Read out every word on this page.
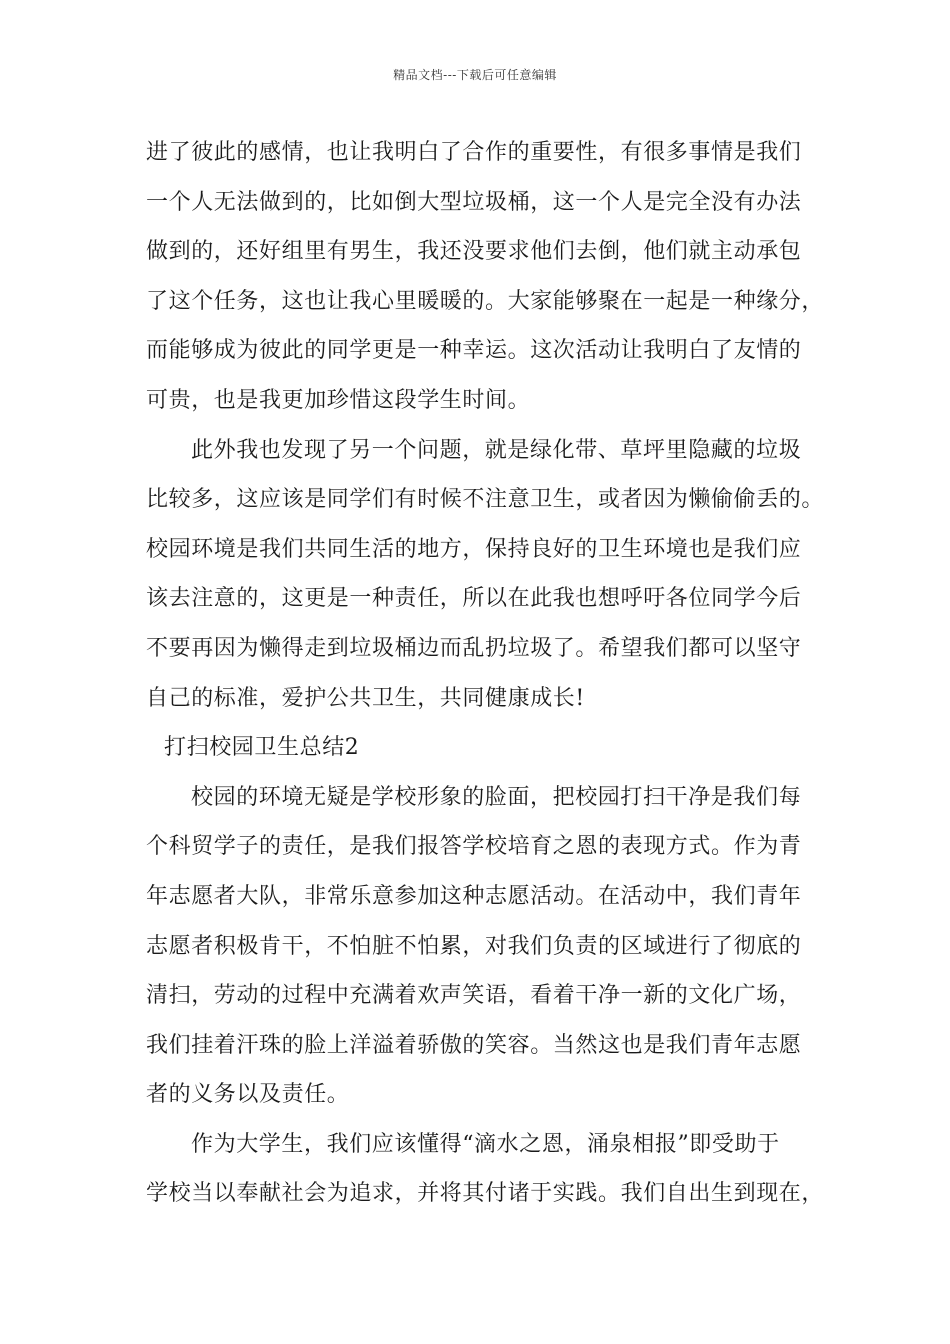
精品文档---下载后可任意编辑
进了彼此的感情，也让我明白了合作的重要性，有很多事情是我们
一个人无法做到的，比如倒大型垃圾桶，这一个人是完全没有办法
做到的，还好组里有男生，我还没要求他们去倒，他们就主动承包
了这个任务，这也让我心里暖暖的。大家能够聚在一起是一种缘分，
而能够成为彼此的同学更是一种幸运。这次活动让我明白了友情的
可贵，也是我更加珍惜这段学生时间。
此外我也发现了另一个问题，就是绿化带、草坪里隐藏的垃圾
比较多，这应该是同学们有时候不注意卫生，或者因为懒偷偷丢的。
校园环境是我们共同生活的地方，保持良好的卫生环境也是我们应
该去注意的，这更是一种责任，所以在此我也想呼吁各位同学今后
不要再因为懒得走到垃圾桶边而乱扔垃圾了。希望我们都可以坚守
自己的标准，爱护公共卫生，共同健康成长!
打扫校园卫生总结2
校园的环境无疑是学校形象的脸面，把校园打扫干净是我们每
个科贸学子的责任，是我们报答学校培育之恩的表现方式。作为青
年志愿者大队，非常乐意参加这种志愿活动。在活动中，我们青年
志愿者积极肯干，不怕脏不怕累，对我们负责的区域进行了彻底的
清扫，劳动的过程中充满着欢声笑语，看着干净一新的文化广场，
我们挂着汗珠的脸上洋溢着骄傲的笑容。当然这也是我们青年志愿
者的义务以及责任。
作为大学生，我们应该懂得“滴水之恩，涌泉相报”即受助于
学校当以奉献社会为追求，并将其付诸于实践。我们自出生到现在，
